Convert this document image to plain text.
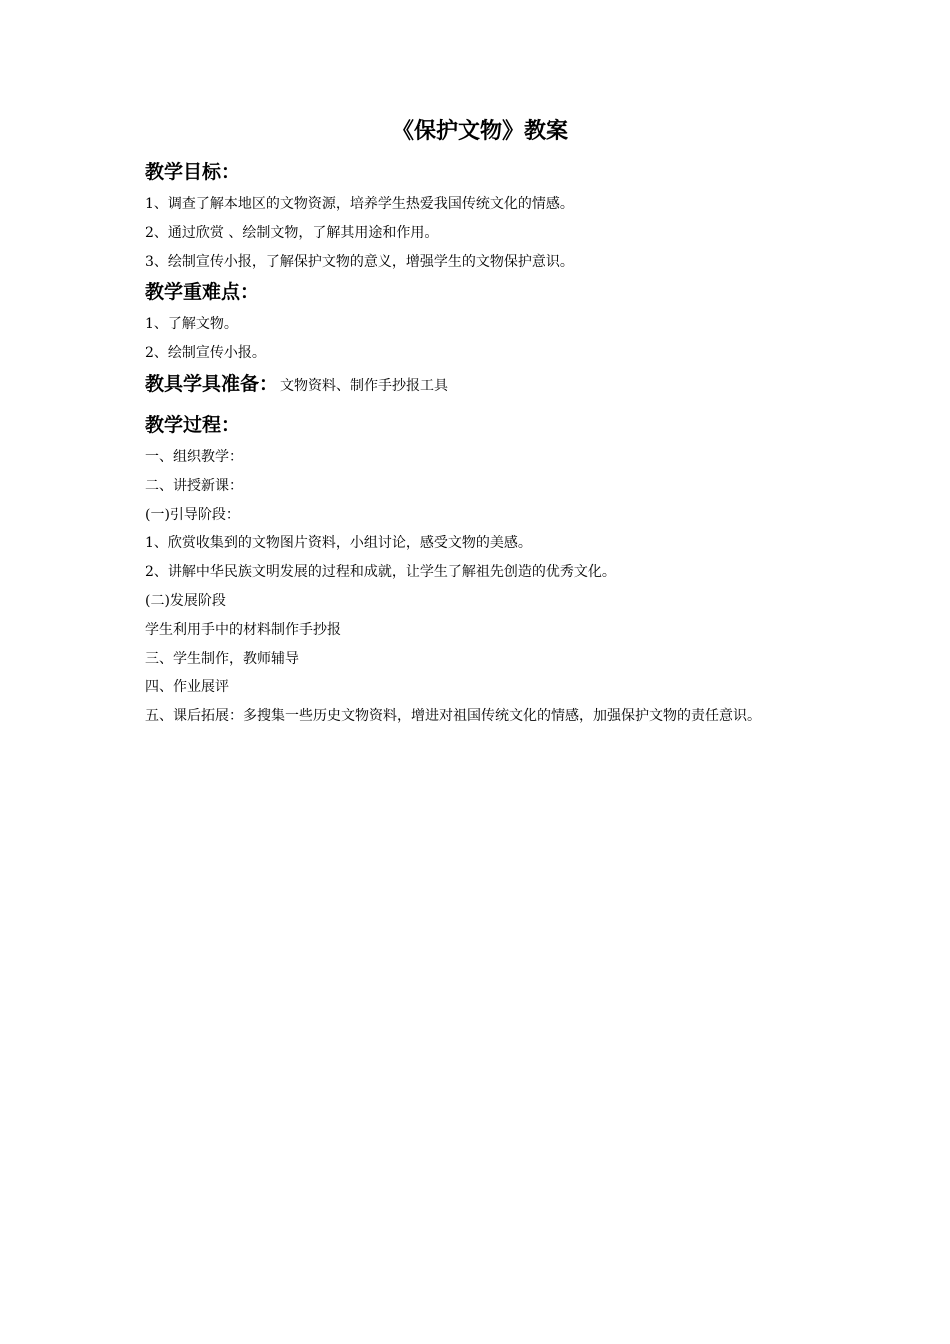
《保护文物》教案
教学目标：

1、调查了解本地区的文物资源，培养学生热爱我国传统文化的情感。

2、通过欣赏 、绘制文物，了解其用途和作用。

3、绘制宣传小报，了解保护文物的意义，增强学生的文物保护意识。

教学重难点：

1、了解文物。

2、绘制宣传小报。

教具学具准备： 文物资料、制作手抄报工具
教学过程：

一、组织教学：

二、讲授新课：

(一)引导阶段：

1、欣赏收集到的文物图片资料，小组讨论，感受文物的美感。

2、讲解中华民族文明发展的过程和成就，让学生了解祖先创造的优秀文化。

(二)发展阶段

学生利用手中的材料制作手抄报

三、学生制作，教师辅导

四、作业展评

五、课后拓展：多搜集一些历史文物资料，增进对祖国传统文化的情感，加强保护文物的责任意识。
